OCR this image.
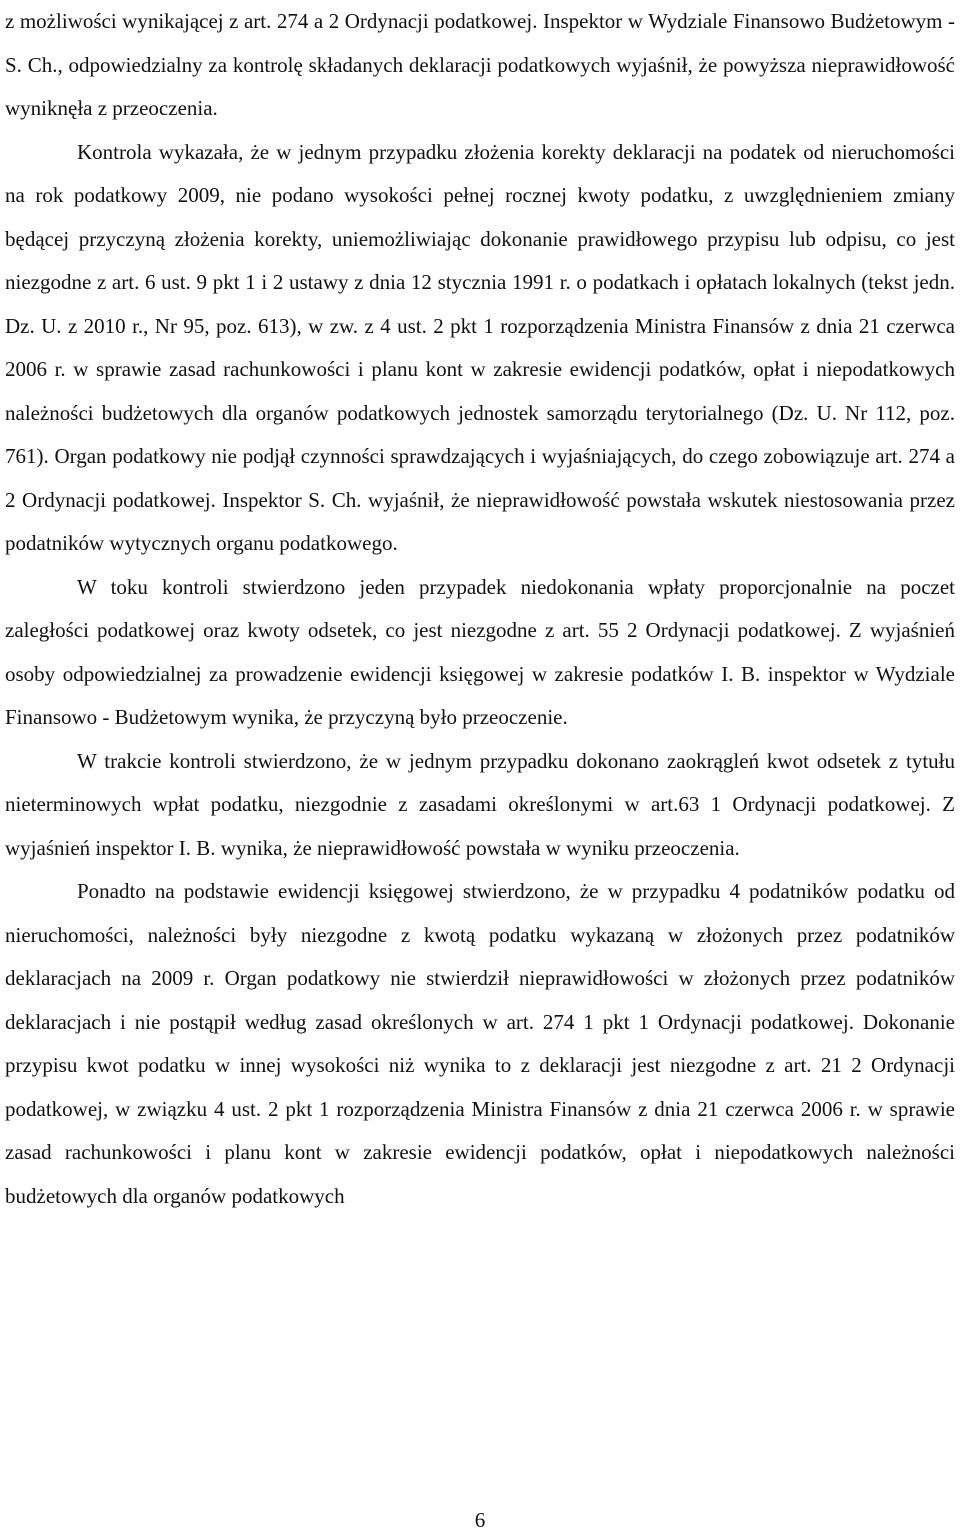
z możliwości wynikającej z art. 274 a 2 Ordynacji podatkowej. Inspektor w Wydziale Finansowo Budżetowym - S. Ch., odpowiedzialny za kontrolę składanych deklaracji podatkowych wyjaśnił, że powyższa nieprawidłowość wyniknęła z przeoczenia.

Kontrola wykazała, że w jednym przypadku złożenia korekty deklaracji na podatek od nieruchomości na rok podatkowy 2009, nie podano wysokości pełnej rocznej kwoty podatku, z uwzględnieniem zmiany będącej przyczyną złożenia korekty, uniemożliwiając dokonanie prawidłowego przypisu lub odpisu, co jest niezgodne z art. 6 ust. 9 pkt 1 i 2 ustawy z dnia 12 stycznia 1991 r. o podatkach i opłatach lokalnych (tekst jedn. Dz. U. z 2010 r., Nr 95, poz. 613), w zw. z 4 ust. 2 pkt 1 rozporządzenia Ministra Finansów z dnia 21 czerwca 2006 r. w sprawie zasad rachunkowości i planu kont w zakresie ewidencji podatków, opłat i niepodatkowych należności budżetowych dla organów podatkowych jednostek samorządu terytorialnego (Dz. U. Nr 112, poz. 761). Organ podatkowy nie podjął czynności sprawdzających i wyjaśniających, do czego zobowiązuje art. 274 a 2 Ordynacji podatkowej. Inspektor S. Ch. wyjaśnił, że nieprawidłowość powstała wskutek niestosowania przez podatników wytycznych organu podatkowego.

W toku kontroli stwierdzono jeden przypadek niedokonania wpłaty proporcjonalnie na poczet zaległości podatkowej oraz kwoty odsetek, co jest niezgodne z art. 55 2 Ordynacji podatkowej. Z wyjaśnień osoby odpowiedzialnej za prowadzenie ewidencji księgowej w zakresie podatków I. B. inspektor w Wydziale Finansowo - Budżetowym wynika, że przyczyną było przeoczenie.

W trakcie kontroli stwierdzono, że w jednym przypadku dokonano zaokrągleń kwot odsetek z tytułu nieterminowych wpłat podatku, niezgodnie z zasadami określonymi w art.63 1 Ordynacji podatkowej. Z wyjaśnień inspektor I. B. wynika, że nieprawidłowość powstała w wyniku przeoczenia.

Ponadto na podstawie ewidencji księgowej stwierdzono, że w przypadku 4 podatników podatku od nieruchomości, należności były niezgodne z kwotą podatku wykazaną w złożonych przez podatników deklaracjach na 2009 r. Organ podatkowy nie stwierdził nieprawidłowości w złożonych przez podatników deklaracjach i nie postąpił według zasad określonych w art. 274 1 pkt 1 Ordynacji podatkowej. Dokonanie przypisu kwot podatku w innej wysokości niż wynika to z deklaracji jest niezgodne z art. 21 2 Ordynacji podatkowej, w związku 4 ust. 2 pkt 1 rozporządzenia Ministra Finansów z dnia 21 czerwca 2006 r. w sprawie zasad rachunkowości i planu kont w zakresie ewidencji podatków, opłat i niepodatkowych należności budżetowych dla organów podatkowych

6
